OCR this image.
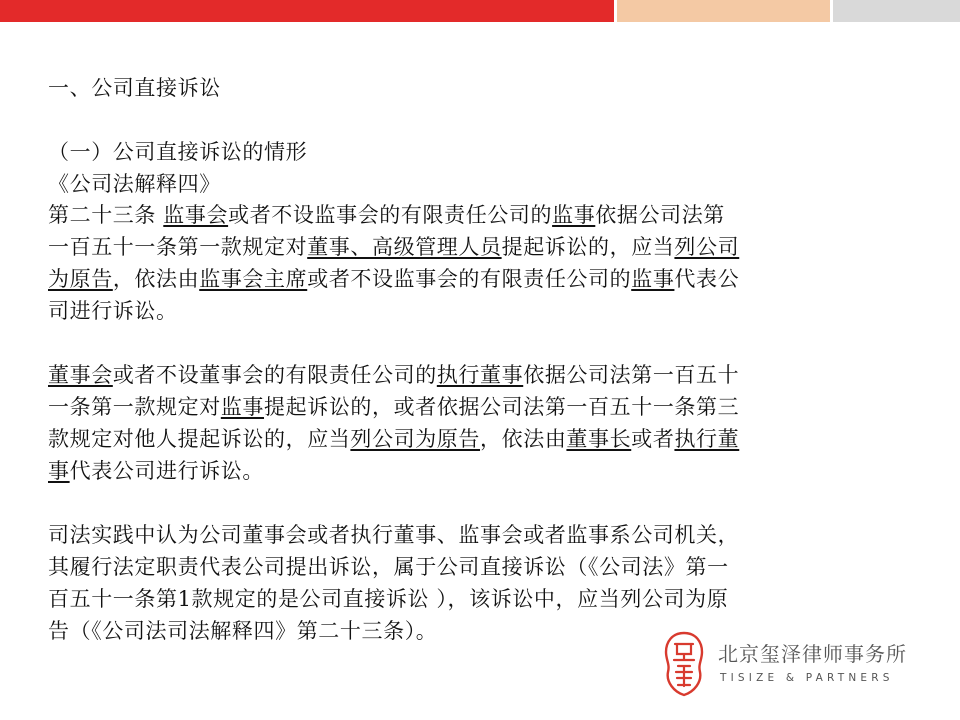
一、公司直接诉讼
（一）公司直接诉讼的情形
《公司法解释四》
第二十三条 监事会或者不设监事会的有限责任公司的监事依据公司法第
一百五十一条第一款规定对董事、高级管理人员提起诉讼的，应当列公司
为原告，依法由监事会主席或者不设监事会的有限责任公司的监事代表公
司进行诉讼。
董事会或者不设董事会的有限责任公司的执行董事依据公司法第一百五十
一条第一款规定对监事提起诉讼的，或者依据公司法第一百五十一条第三
款规定对他人提起诉讼的，应当列公司为原告，依法由董事长或者执行董
事代表公司进行诉讼。
司法实践中认为公司董事会或者执行董事、监事会或者监事系公司机关，
其履行法定职责代表公司提出诉讼，属于公司直接诉讼（《公司法》第一
百五十一条第1款规定的是公司直接诉讼 ），该诉讼中，应当列公司为原
告（《公司法司法解释四》第二十三条）。
北京玺泽律师事务所
TISIZE & PARTNERS
